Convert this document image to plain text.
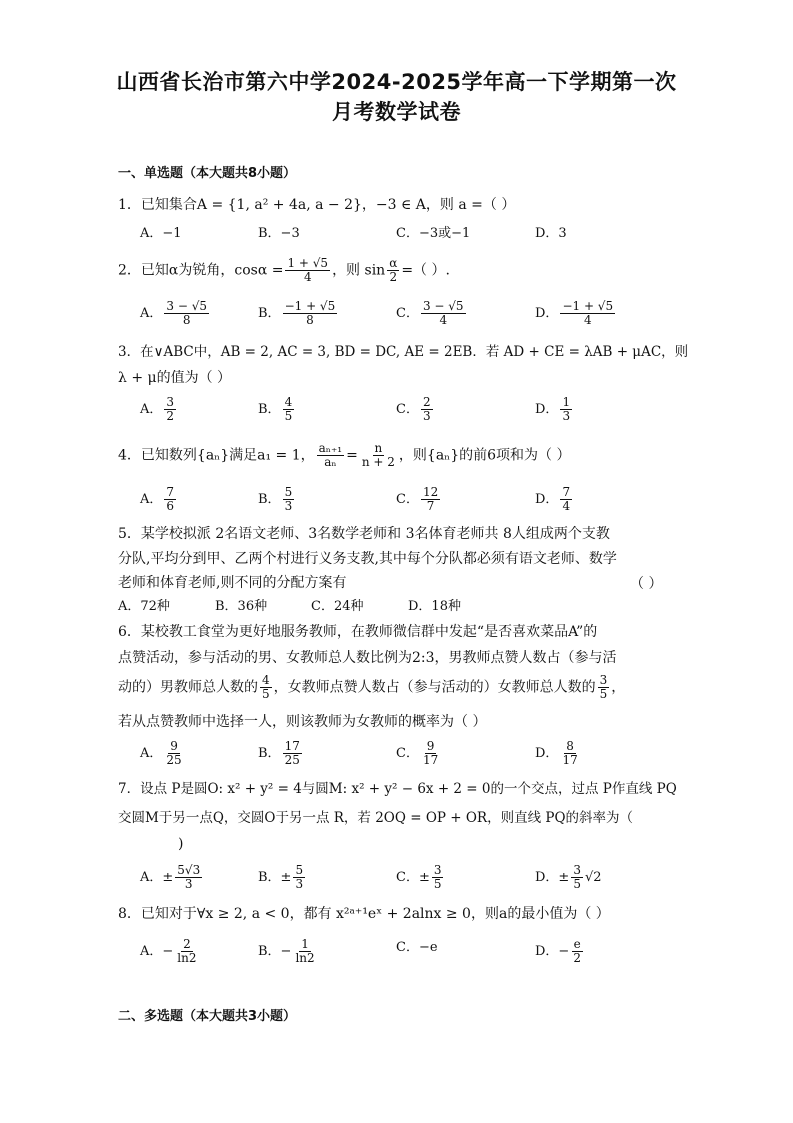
山西省长治市第六中学2024-2025学年高一下学期第一次
月考数学试卷
一、单选题（本大题共8小题）
1．已知集合A = {1, a² + 4a, a − 2}，−3 ∈ A，则 a =（ ）
A．−1	B．−3	C．−3或−1	D．3
2．已知α为锐角，$\cos\alpha = \frac{1 + √5}{4}$ ，则 $\sin \frac{\alpha}{2}$ =（ ）.
A． $\frac{3 - √5}{8}$	B． $\frac{-1 + √5}{8}$	C． $\frac{3 - √5}{4}$	D． $\frac{-1 + √5}{4}$
3．在∨ABC中，AB = 2, AC = 3, BD = DC, AE = 2EB．若 AD + CE = λAB + μAC，则
λ + μ的值为（ ）
A． $\frac{3}{2}$	B． $\frac{4}{5}$	C． $\frac{2}{3}$	D． $\frac{1}{3}$
4．已知数列{aₙ}满足a₁ = 1， $\frac{\text{aₙ₊₁}}{\text{aₙ}} = \frac{n}{n + 2}$ ，则{aₙ}的前6项和为（ ）
A． $\frac{7}{6}$	B． $\frac{5}{3}$	C． $\frac{12}{7}$	D． $\frac{7}{4}$
5．某学校拟派 2名语文老师、3名数学老师和 3名体育老师共 8人组成两个支教
分队,平均分到甲、乙两个村进行义务支教,其中每个分队都必须有语文老师、数学
老师和体育老师,则不同的分配方案有	（ ）
A．72种	B．36种	C．24种	D．18种
6．某校教工食堂为更好地服务教师，在教师微信群中发起“是否喜欢菜品A”的
点赞活动，参与活动的男、女教师总人数比例为2:3，男教师点赞人数占（参与活
动的）男教师总人数的 $\frac{4}{5}$ ，女教师点赞人数占（参与活动的）女教师总人数的 $\frac{3}{5}$ ，
若从点赞教师中选择一人，则该教师为女教师的概率为（ ）
A． $\frac{9}{25}$	B． $\frac{17}{25}$	C． $\frac{9}{17}$	D． $\frac{8}{17}$
7．设点 P是圆O: x² + y² = 4与圆M: x² + y² − 6x + 2 = 0的一个交点，过点 P作直线 PQ
交圆M于另一点Q，交圆O于另一点 R，若 2OQ = OP + OR，则直线 PQ的斜率为（
)
A．± $\frac{5√3}{3}$	B．± $\frac{5}{3}$	C．± $\frac{3}{5}$	D．± $\frac{3}{5} √2$
8．已知对于∀x ≥ 2, a < 0，都有 x²ᵃ⁺¹eˣ + 2alnx ≥ 0，则a的最小值为（ ）
A．− $\frac{2}{\ln 2}$	B．− $\frac{1}{\ln 2}$	C．−e	D．− $\frac{e}{2}$
二、多选题（本大题共3小题）
